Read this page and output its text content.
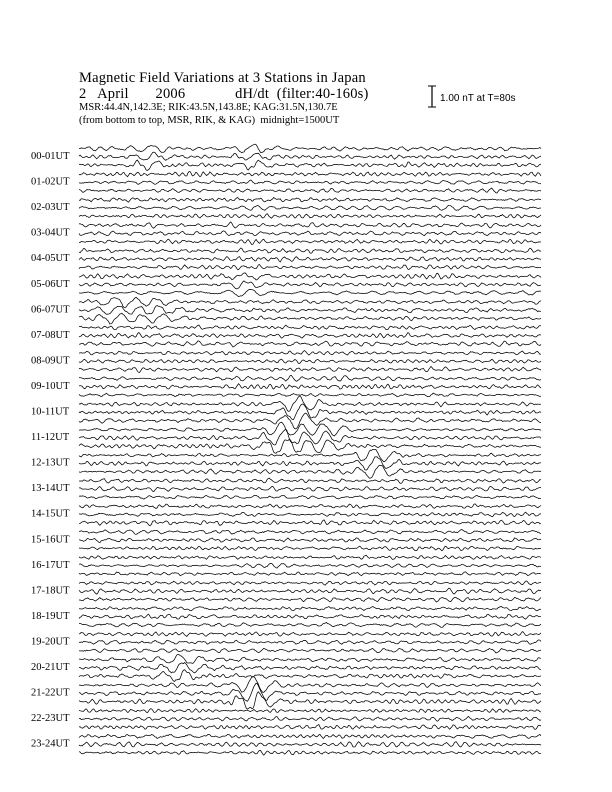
Magnetic Field Variations at 3 Stations in Japan
2 April 2006	dH/dt (filter:40-160s)
MSR:44.4N,142.3E; RIK:43.5N,143.8E; KAG:31.5N,130.7E
(from bottom to top, MSR, RIK, & KAG) midnight=1500UT
1.00 nT at T=80s
00-01UT
01-02UT
02-03UT
03-04UT
04-05UT
05-06UT
06-07UT
07-08UT
08-09UT
09-10UT
10-11UT
11-12UT
12-13UT
13-14UT
14-15UT
15-16UT
16-17UT
17-18UT
18-19UT
19-20UT
20-21UT
21-22UT
22-23UT
23-24UT
